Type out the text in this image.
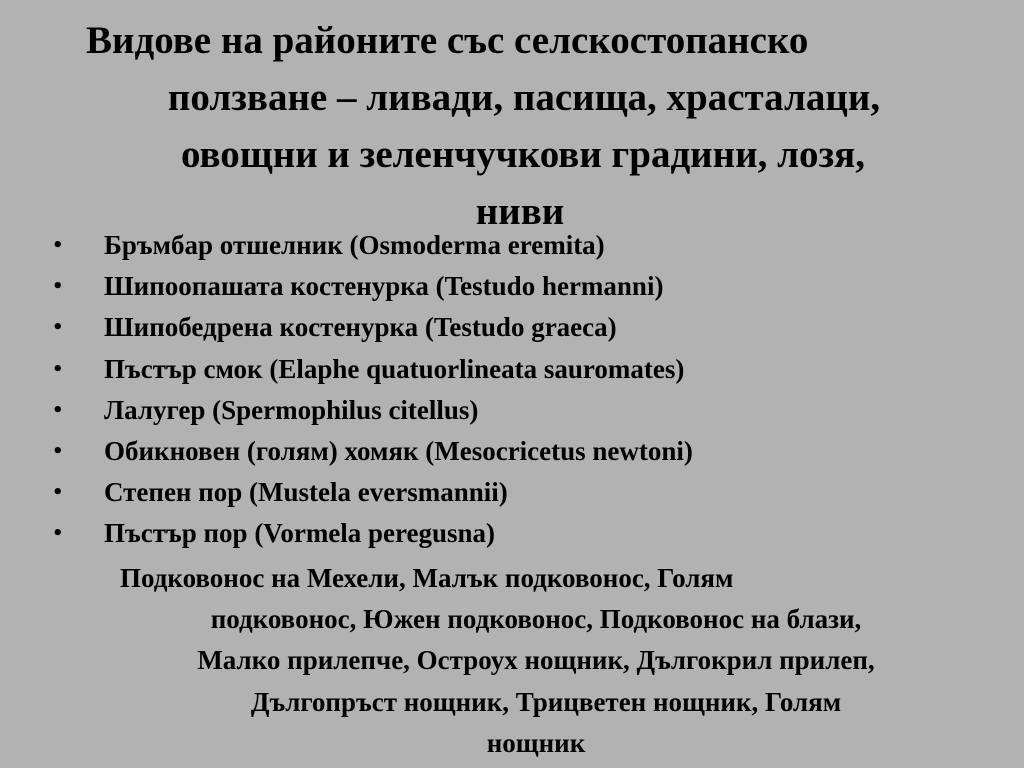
Видове на районите със селскостопанско
ползване – ливади, пасища, храсталаци,
овощни и зеленчучкови градини, лозя,
ниви
• Бръмбар отшелник (Osmoderma eremita)
• Шипоопашата костенурка (Testudo hermanni)
• Шипобедрена костенурка (Testudo graeca)
• Пъстър смок (Elaphe quatuorlineata sauromates)
• Лалугер (Spermophilus citellus)
• Обикновен (голям) хомяк (Mesocricetus newtoni)
• Степен пор (Mustela eversmannii)
• Пъстър пор (Vormela peregusna)
Подковонос на Мехели, Малък подковонос, Голям
подковонос, Южен подковонос, Подковонос на блази,
Малко прилепче, Остроух нощник, Дългокрил прилеп,
Дългопръст нощник, Трицветен нощник, Голям
нощник
